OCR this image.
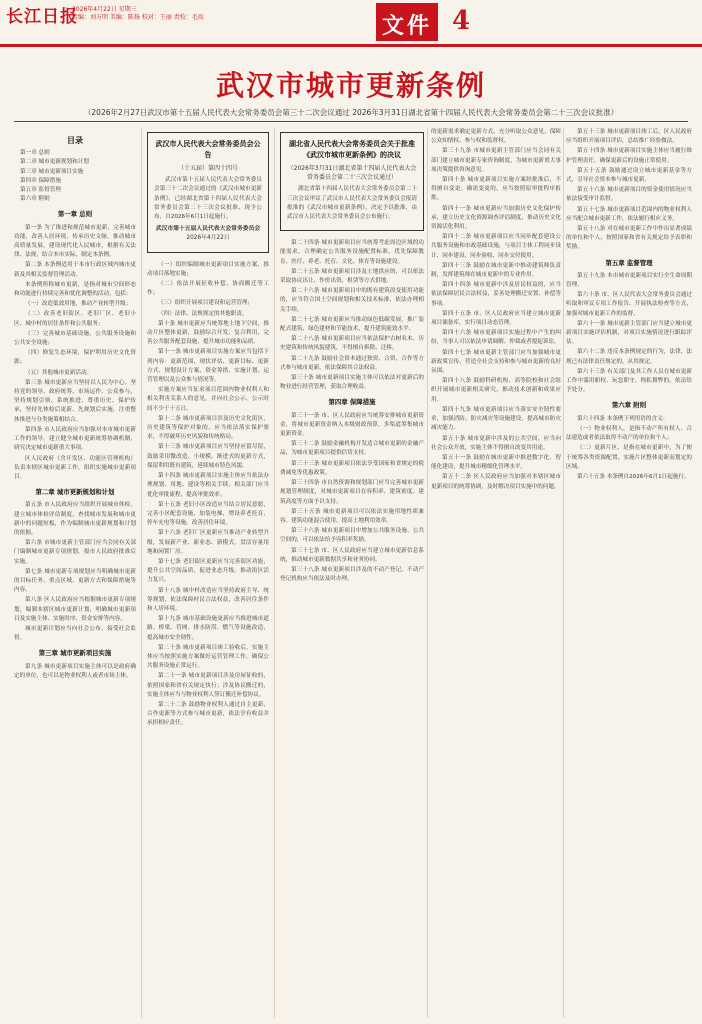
长江日报
2026年4月22日 星期三
责编：刘方明 美编：陈扬 校对：王丽 责校：毛玫	文件 4
武汉市城市更新条例
（2026年2月27日武汉市第十五届人民代表大会常务委员会第三十二次会议通过 2026年3月31日湖北省第十四届人民代表大会常务委员会第二十三次会议批准）
目录
第一章 总则
第二章 城市更新规划和计划
第三章 城市更新项目实施
第四章 保障措施
第五章 监督管理
第六章 附则
第一章 总则

第一条 为了推进和规范城市更新，完善城市功能，改善人居环境，传承历史文脉，推动城市高质量发展，建设现代化人民城市，根据有关法律、法规，结合本市实际，制定本条例。

第二条 本条例适用于本市行政区域内城市更新及其相关监督管理活动。

本条例所称城市更新，是指对城市空间形态和功能进行持续完善和优化调整的活动，包括：

（一）改造低效用地，推动产业转型升级；

（二）改善老旧街区、老旧厂区、老旧小区、城中村的居住条件和公共服务；

（三）完善城市基础设施、公共服务设施和公共安全设施；

（四）修复生态环境，保护利用历史文化资源；

（五）其他城市更新活动。

第三条 城市更新应当坚持以人民为中心，坚持党的领导、政府统筹、市场运作、公众参与，坚持规划引领、系统推进、尊重历史、保护传承，坚持先体检后更新、先规划后实施，注重整体推进与分类施策相结合。

第四条 市人民政府应当加强对本市城市更新工作的领导，建立健全城市更新统筹协调机制，研究决定城市更新重大事项。

区人民政府（含开发区、功能区管理机构）负责本辖区城市更新工作，组织实施城市更新项目。

第二章 城市更新规划和计划

第五条 市人民政府应当组织开展城市体检，建立城市体检评估制度，查找城市发展和城市更新中的问题短板，作为编制城市更新规划和计划的依据。

第六条 市城市更新主管部门应当会同有关部门编制城市更新专项规划，报市人民政府批准后实施。

第七条 城市更新专项规划应当明确城市更新的目标任务、重点区域、更新方式和保障措施等内容。

第八条 区人民政府应当根据城市更新专项规划，编制本辖区城市更新计划，明确城市更新项目及实施主体、实施时序、资金安排等内容。

城市更新计划应当向社会公布，接受社会监督。

第三章 城市更新项目实施

第九条 城市更新项目实施主体可以是政府确定的单位，也可以是物业权利人或者市场主体。

武汉市人民代表大会常务委员会公告
（十五届）第四十四号
武汉市第十五届人民代表大会常务委员会第三十二次会议通过的《武汉市城市更新条例》，已经湖北省第十四届人民代表大会常务委员会第二十三次会议批准，现予公布，自2026年6月1日起施行。
武汉市第十五届人民代表大会常务委员会
2026年4月22日

（一）组织编制城市更新项目实施方案，推动项目落地实施；

（二）依法开展征收补偿、协商搬迁等工作；

（三）组织开展项目建设和运营管理；

（四）法律、法规规定的其他职责。

第十条 城市更新应当统筹地上地下空间，推动片区整体更新，鼓励综合开发、复合利用，完善公共服务配套设施，提升城市功能和品质。

第十一条 城市更新项目实施方案应当包括下列内容：更新范围、现状评估、更新目标、更新方式、规划设计方案、资金筹措、实施计划、运营管理以及公众参与情况等。

实施方案应当征求项目范围内物业权利人和相关利害关系人的意见，并向社会公示，公示时间不少于十五日。

第十二条 城市更新项目涉及历史文化街区、历史建筑等保护对象的，应当依法落实保护要求，不得破坏历史风貌和传统格局。

第十三条 城市更新项目应当坚持应留尽留，鼓励采用微改造、小规模、渐进式的更新方式，保留利用既有建筑，延续城市特色风貌。

第十四条 城市更新项目实施主体应当依法办理规划、用地、建设等相关手续，相关部门应当优化审批流程，提高审批效率。

第十五条 老旧小区改造应当结合居民意愿，完善小区配套设施，加装电梯，增设养老托育、停车充电等设施，改善居住环境。

第十六条 老旧厂区更新应当推动产业转型升级，发展新产业、新业态、新模式，盘活存量用地和闲置厂房。

第十七条 老旧街区更新应当完善街区功能，提升公共空间品质，促进业态升级，推动街区活力复兴。

第十八条 城中村改造应当坚持政府主导、统筹规划，依法保障村民合法权益，改善居住条件和人居环境。

第十九条 城市基础设施更新应当推进城市道路、桥梁、管网、排水防涝、燃气等设施改造，提高城市安全韧性。

第二十条 城市更新项目竣工验收后，实施主体应当按照实施方案做好运营管理工作，确保公共服务设施正常运行。

第二十一条 城市更新项目涉及房屋征收的，依照国家和省有关规定执行；涉及协议搬迁的，实施主体应当与物业权利人签订搬迁补偿协议。

第二十二条 鼓励物业权利人通过自主更新、合作更新等方式参与城市更新，依法享有收益并承担相应责任。

湖北省人民代表大会常务委员会关于批准《武汉市城市更新条例》的决议
（2026年3月31日湖北省第十四届人民代表大会常务委员会第二十三次会议通过）
湖北省第十四届人民代表大会常务委员会第二十三次会议审议了武汉市人民代表大会常务委员会报请批准的《武汉市城市更新条例》，决定予以批准，由武汉市人民代表大会常务委员会公布施行。

第二十四条 城市更新项目应当统筹考虑周边区域的功能需求，合理确定公共服务设施配置标准，优先保障教育、医疗、养老、托育、文化、体育等设施建设。

第二十五条 城市更新项目涉及土地供应的，可以依法采取协议出让、作价出资、租赁等方式供地。

第二十六条 城市更新项目中的既有建筑改变使用功能的，应当符合国土空间规划和相关技术标准，依法办理相关手续。

第二十七条 城市更新应当推动绿色低碳发展，推广装配式建筑、绿色建材和节能技术，提升建筑能效水平。

第二十八条 城市更新项目应当依法保护古树名木、历史建筑和传统风貌建筑，不得擅自拆除、迁移。

第二十九条 鼓励社会资本通过独资、合资、合作等方式参与城市更新，依法保障其合法权益。

第三十条 城市更新项目实施主体可以依法对更新后的物业进行经营管理，获取合理收益。

第四章 保障措施

第三十一条 市、区人民政府应当统筹安排城市更新资金，将城市更新资金纳入本级财政预算，多渠道筹集城市更新资金。

第三十二条 鼓励金融机构开发适合城市更新的金融产品，为城市更新项目提供信贷支持。

第三十三条 城市更新项目依法享受国家和省规定的税费减免等优惠政策。

第三十四条 市自然资源和规划部门应当完善城市更新规划管理制度，对城市更新项目在容积率、建筑密度、建筑高度等方面予以支持。

第三十五条 城市更新项目可以依法实施用地性质兼容、建筑功能混合使用，提高土地利用效率。

第三十六条 城市更新项目中增加公共服务设施、公共空间的，可以依法给予容积率奖励。

第三十七条 市、区人民政府应当建立城市更新信息系统，推动城市更新数据共享和业务协同。

第三十八条 城市更新项目涉及的不动产登记，不动产登记机构应当依法及时办理。

的更新需求确定更新方式，充分听取公众意见，保障公众知情权、参与权和监督权。

第三十九条 市城市更新主管部门应当会同有关部门建立城市更新专家咨询制度，为城市更新重大事项决策提供咨询意见。

第四十条 城市更新项目实施方案经批准后，不得擅自变更；确需变更的，应当按照原审批程序报批。

第四十一条 城市更新应当加强历史文化保护传承，建立历史文化资源调查评估制度，推动历史文化资源活化利用。

第四十二条 城市更新项目应当同步配套建设公共服务设施和市政基础设施，与项目主体工程同步设计、同步建设、同步验收、同步交付使用。

第四十三条 鼓励在城市更新中推动建筑师负责制，发挥建筑师在城市更新中的专业作用。

第四十四条 城市更新中涉及居民权益的，应当依法保障居民合法权益，妥善处理搬迁安置、补偿等事项。

第四十五条 市、区人民政府应当建立城市更新项目储备库，实行项目动态管理。

第四十六条 城市更新项目实施过程中产生的纠纷，当事人可以依法申请调解、仲裁或者提起诉讼。

第四十七条 城市更新主管部门应当加强城市更新政策宣传，营造全社会支持和参与城市更新的良好氛围。

第四十八条 鼓励科研机构、高等院校和社会组织开展城市更新相关研究，推动技术创新和成果应用。

第四十九条 城市更新项目应当落实安全韧性要求，加强消防、防灾减灾等设施建设，提高城市防灾减灾能力。

第五十条 城市更新中涉及的公共空间，应当向社会公众开放，实施主体不得擅自改变其用途。

第五十一条 鼓励在城市更新中推进数字化、智能化建设，提升城市精细化管理水平。

第五十二条 区人民政府应当加强对本辖区城市更新项目的统筹协调，及时解决项目实施中的问题。

第五十三条 城市更新项目竣工后，区人民政府应当组织开展项目评估，总结推广经验做法。

第五十四条 城市更新项目实施主体应当履行维护管理责任，确保更新后的设施正常使用。

第五十五条 鼓励通过设立城市更新基金等方式，引导社会资本参与城市更新。

第五十六条 城市更新项目的资金使用情况应当依法接受审计监督。

第五十七条 城市更新项目范围内的物业权利人应当配合城市更新工作，依法履行相应义务。

第五十八条 对在城市更新工作中作出显著成绩的单位和个人，按照国家和省有关规定给予表彰和奖励。

第五章 监督管理

第五十九条 本市城市更新项目实行全生命周期管理。

第六十条 市、区人民代表大会常务委员会通过听取和审议专项工作报告、开展执法检查等方式，加强对城市更新工作的监督。

第六十一条 城市更新主管部门应当建立城市更新项目实施评估机制，对项目实施情况进行跟踪评估。

第六十二条 违反本条例规定的行为，法律、法规已有法律责任规定的，从其规定。

第六十三条 有关部门及其工作人员在城市更新工作中滥用职权、玩忽职守、徇私舞弊的，依法给予处分。

第六章 附则

第六十四条 本条例下列用语的含义：

（一）物业权利人，是指不动产所有权人、合法建造或者依法取得不动产的单位和个人；

（二）更新片区，是指在城市更新中，为了便于统筹各类资源配置，实施片区整体更新而划定的区域。

第六十五条 本条例自2026年6月1日起施行。
